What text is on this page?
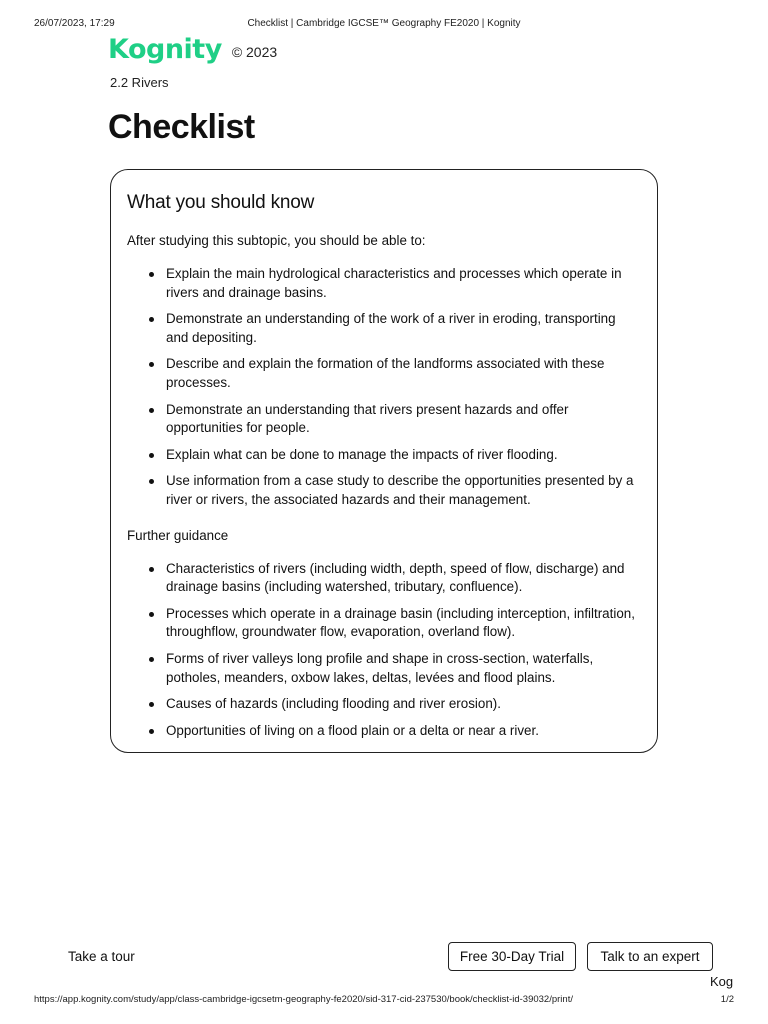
26/07/2023, 17:29	Checklist | Cambridge IGCSE™ Geography FE2020 | Kognity
Kognity © 2023
2.2 Rivers
Checklist
What you should know

After studying this subtopic, you should be able to:

Explain the main hydrological characteristics and processes which operate in rivers and drainage basins.
Demonstrate an understanding of the work of a river in eroding, transporting and depositing.
Describe and explain the formation of the landforms associated with these processes.
Demonstrate an understanding that rivers present hazards and offer opportunities for people.
Explain what can be done to manage the impacts of river flooding.
Use information from a case study to describe the opportunities presented by a river or rivers, the associated hazards and their management.

Further guidance

Characteristics of rivers (including width, depth, speed of flow, discharge) and drainage basins (including watershed, tributary, confluence).
Processes which operate in a drainage basin (including interception, infiltration, throughflow, groundwater flow, evaporation, overland flow).
Forms of river valleys long profile and shape in cross-section, waterfalls, potholes, meanders, oxbow lakes, deltas, levées and flood plains.
Causes of hazards (including flooding and river erosion).
Opportunities of living on a flood plain or a delta or near a river.
Take a tour	Free 30-Day Trial	Talk to an expert
Kog
https://app.kognity.com/study/app/class-cambridge-igcsetm-geography-fe2020/sid-317-cid-237530/book/checklist-id-39032/print/	1/2
